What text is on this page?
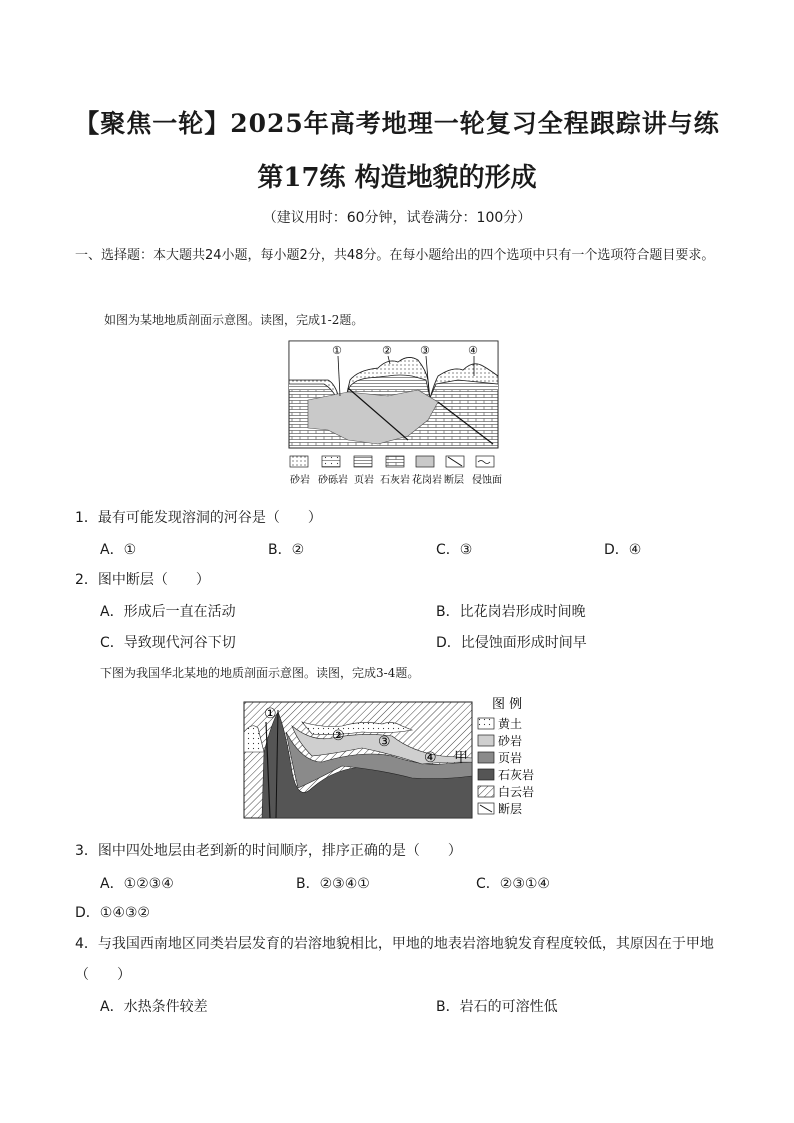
【聚焦一轮】2025年高考地理一轮复习全程跟踪讲与练
第17练 构造地貌的形成
（建议用时：60分钟，试卷满分：100分）
一、选择题：本大题共24小题，每小题2分，共48分。在每小题给出的四个选项中只有一个选项符合题目要求。
如图为某地地质剖面示意图。读图，完成1-2题。
①	②	③	④
砂岩 砂砾岩 页岩 石灰岩 花岗岩 断层 侵蚀面
1．最有可能发现溶洞的河谷是（　　）
A．①	B．②	C．③	D．④
2．图中断层（　　）
A．形成后一直在活动	B．比花岗岩形成时间晚
C．导致现代河谷下切	D．比侵蚀面形成时间早
下图为我国华北某地的地质剖面示意图。读图，完成3-4题。
①
② ③
④ 甲
图 例
黄土
砂岩
页岩
石灰岩
白云岩
断层
3．图中四处地层由老到新的时间顺序，排序正确的是（　　）
A．①②③④	B．②③④①	C．②③①④
D．①④③②
4．与我国西南地区同类岩层发育的岩溶地貌相比，甲地的地表岩溶地貌发育程度较低，其原因在于甲地
（　　）
A．水热条件较差	B．岩石的可溶性低
